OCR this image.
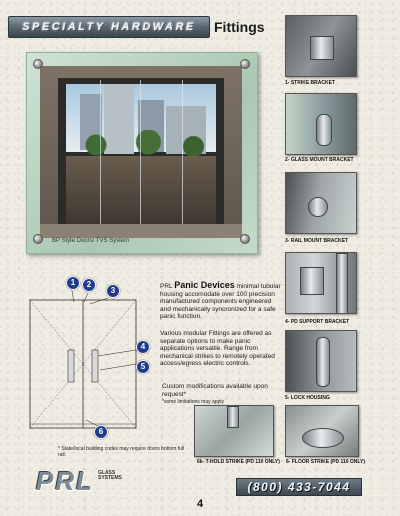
SPECIALTY HARDWARE	Fittings
BP Style Doors/ TVS System
1- STRIKE BRACKET
2- GLASS MOUNT BRACKET
3- RAIL MOUNT BRACKET
4- PD SUPPORT BRACKET
5- LOCK HOUSING
6k- T-HOLD STRIKE (PD 110 ONLY) 6- FLOOR STRIKE (PD 110 ONLY)
1	2
3
4
5
6
* State/local building codes may require doors bottom full rail.
PRL Panic Devices minimal tubular housing accomodate over 100 precision manufactured components engineered and mechanically syncronized for a safe panic function.
Various modular Fittings are offered as separate options to make panic applications versatile. Range from mechanical strikes to remotely operated access/egress electric controls.
Custom modifications available upon request*
*some limitations may apply
PRL GLASS
SYSTEMS
(800) 433-7044
4
